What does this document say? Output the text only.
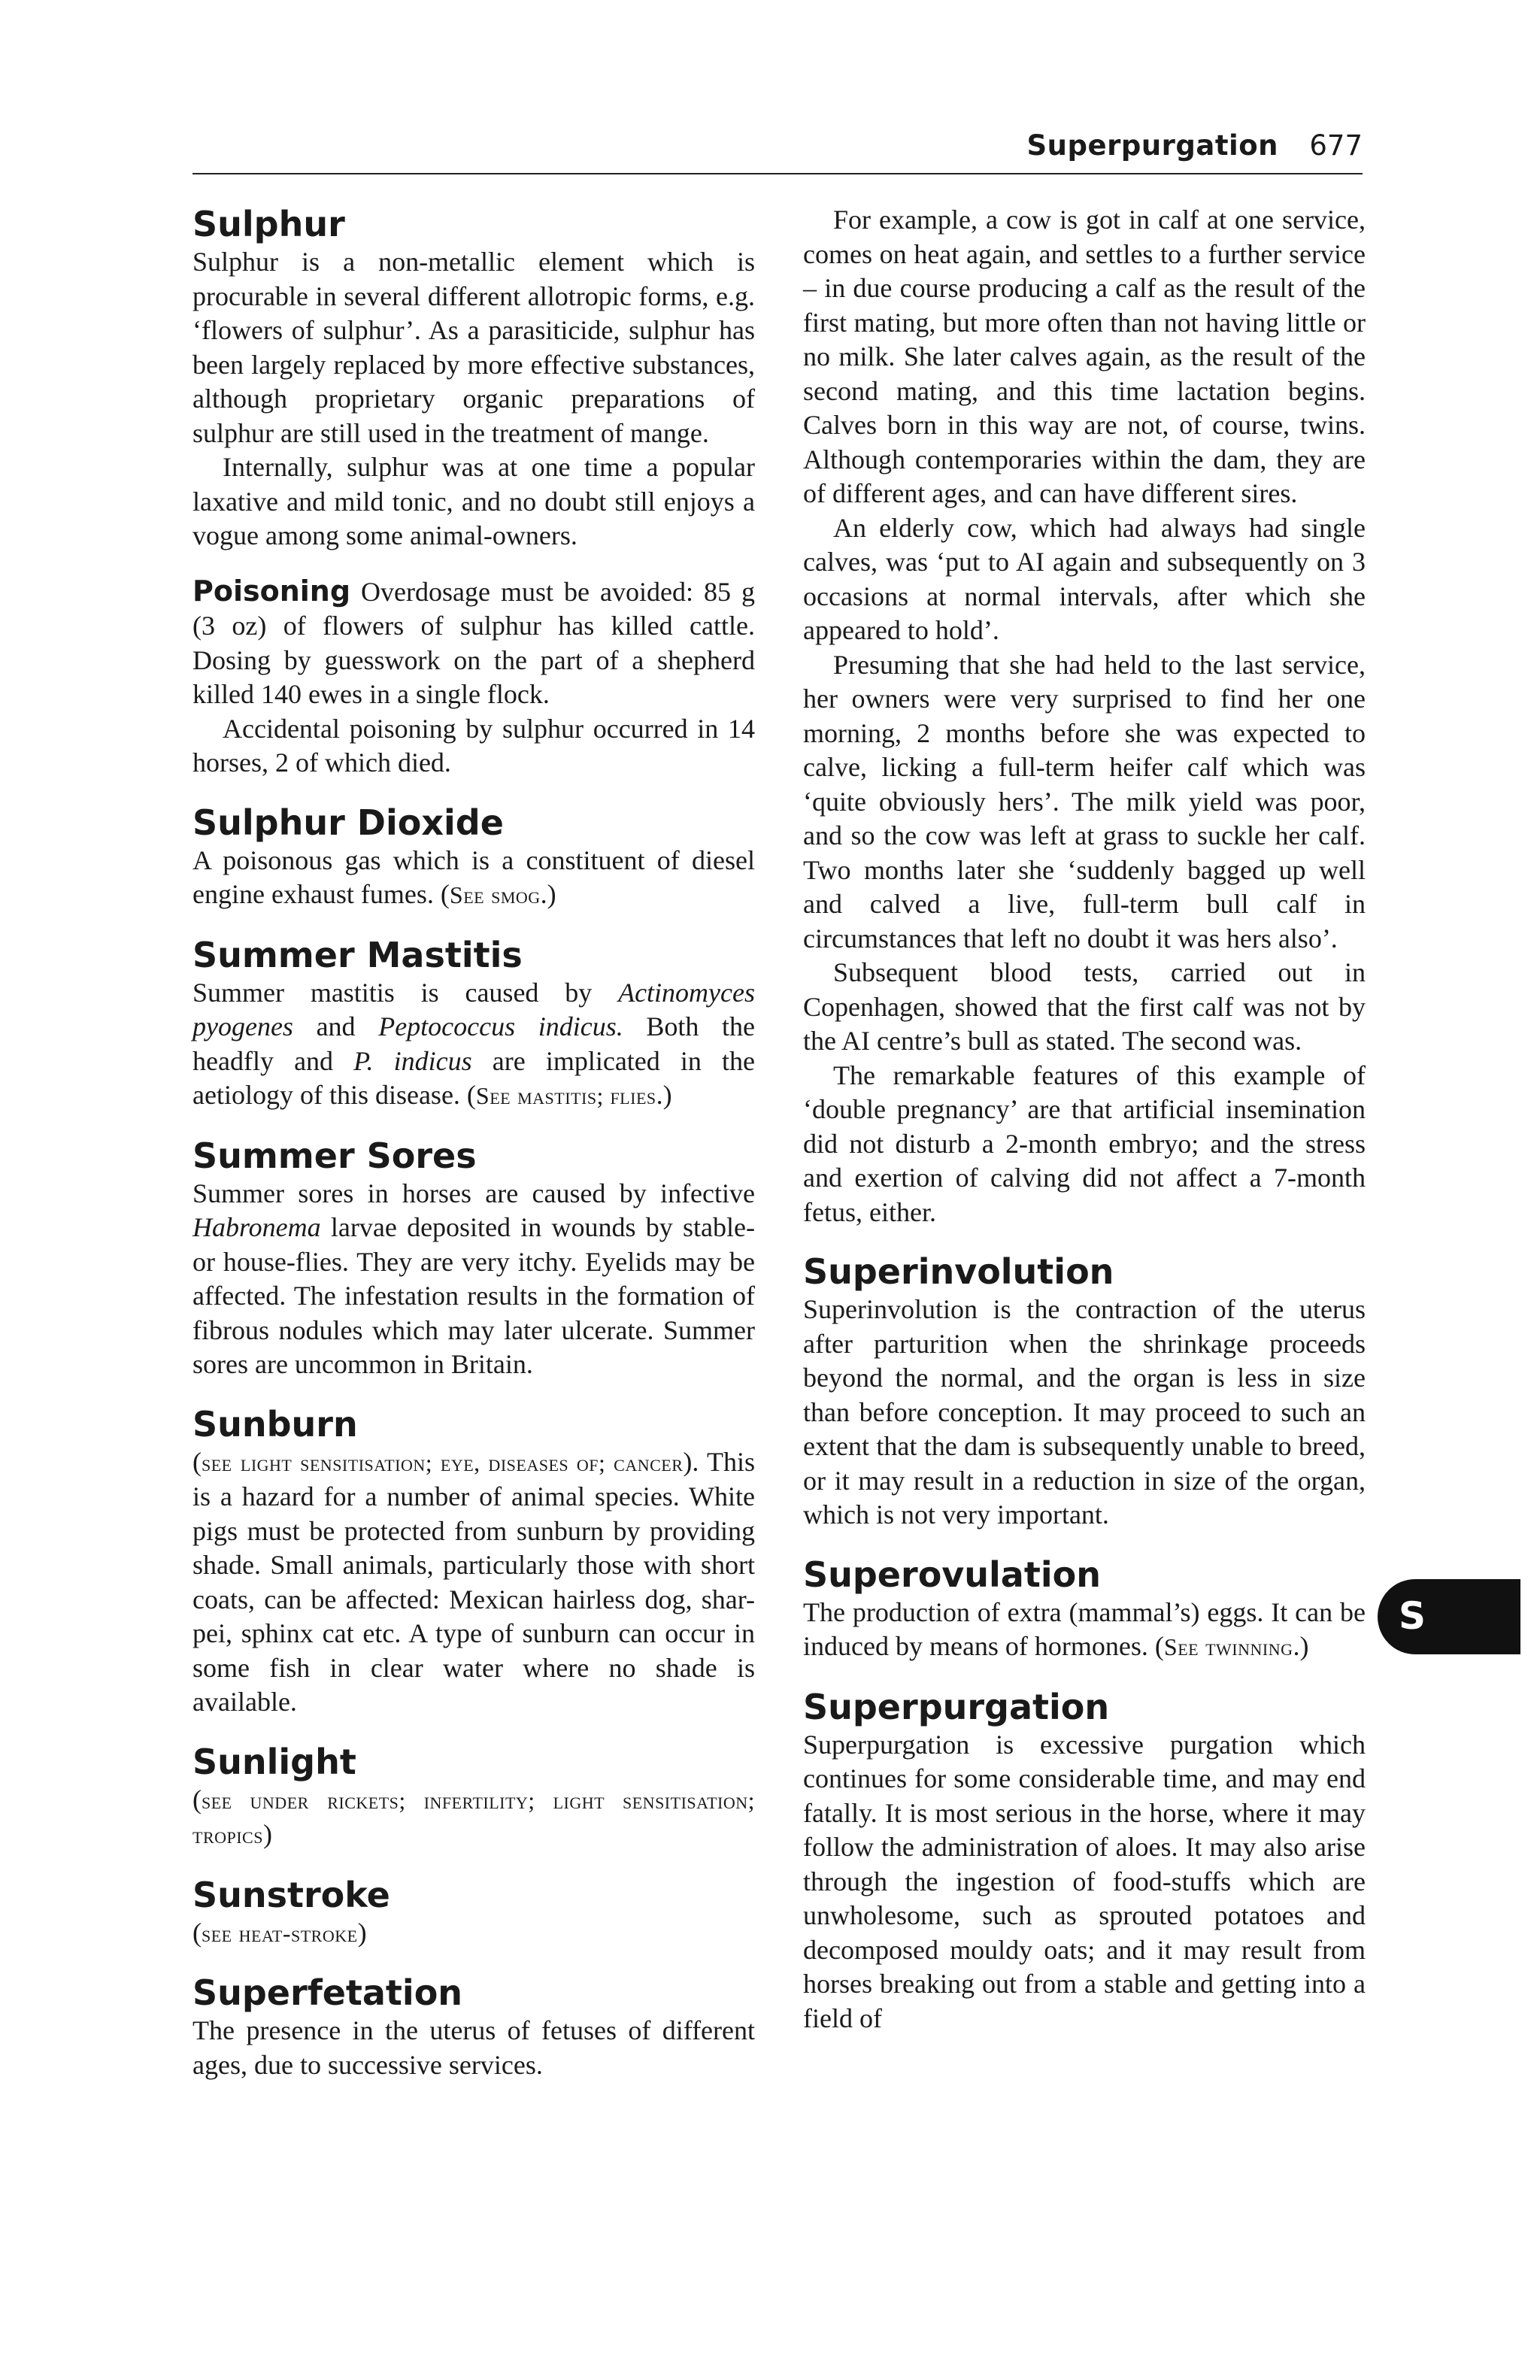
Superpurgation 677
Sulphur

Sulphur is a non-metallic element which is procurable in several different allotropic forms, e.g. ‘flowers of sulphur’. As a parasiticide, sulphur has been largely replaced by more effective substances, although proprietary organic preparations of sulphur are still used in the treatment of mange.

Internally, sulphur was at one time a popular laxative and mild tonic, and no doubt still enjoys a vogue among some animal-owners.

Poisoning Overdosage must be avoided: 85 g (3 oz) of flowers of sulphur has killed cattle. Dosing by guesswork on the part of a shepherd killed 140 ewes in a single flock.

Accidental poisoning by sulphur occurred in 14 horses, 2 of which died.

Sulphur Dioxide

A poisonous gas which is a constituent of diesel engine exhaust fumes. (See smog.)

Summer Mastitis

Summer mastitis is caused by Actinomyces pyogenes and Peptococcus indicus. Both the headfly and P. indicus are implicated in the aetiology of this disease. (See mastitis; flies.)

Summer Sores

Summer sores in horses are caused by infective Habronema larvae deposited in wounds by stable- or house-flies. They are very itchy. Eyelids may be affected. The infestation results in the formation of fibrous nodules which may later ulcerate. Summer sores are uncommon in Britain.

Sunburn

(see light sensitisation; eye, diseases of; cancer). This is a hazard for a number of animal species. White pigs must be protected from sunburn by providing shade. Small animals, particularly those with short coats, can be affected: Mexican hairless dog, shar-pei, sphinx cat etc. A type of sunburn can occur in some fish in clear water where no shade is available.

Sunlight

(see under rickets; infertility; light sensitisation; tropics)

Sunstroke

(see heat-stroke)

Superfetation

The presence in the uterus of fetuses of different ages, due to successive services.

For example, a cow is got in calf at one service, comes on heat again, and settles to a further service – in due course producing a calf as the result of the first mating, but more often than not having little or no milk. She later calves again, as the result of the second mating, and this time lactation begins. Calves born in this way are not, of course, twins. Although contemporaries within the dam, they are of different ages, and can have different sires.

An elderly cow, which had always had single calves, was ‘put to AI again and subsequently on 3 occasions at normal intervals, after which she appeared to hold’.

Presuming that she had held to the last service, her owners were very surprised to find her one morning, 2 months before she was expected to calve, licking a full-term heifer calf which was ‘quite obviously hers’. The milk yield was poor, and so the cow was left at grass to suckle her calf. Two months later she ‘suddenly bagged up well and calved a live, full-term bull calf in circumstances that left no doubt it was hers also’.

Subsequent blood tests, carried out in Copenhagen, showed that the first calf was not by the AI centre’s bull as stated. The second was.

The remarkable features of this example of ‘double pregnancy’ are that artificial insemination did not disturb a 2-month embryo; and the stress and exertion of calving did not affect a 7-month fetus, either.

Superinvolution

Superinvolution is the contraction of the uterus after parturition when the shrinkage proceeds beyond the normal, and the organ is less in size than before conception. It may proceed to such an extent that the dam is subsequently unable to breed, or it may result in a reduction in size of the organ, which is not very important.

Superovulation

The production of extra (mammal’s) eggs. It can be induced by means of hormones. (See twinning.)

Superpurgation

Superpurgation is excessive purgation which continues for some considerable time, and may end fatally. It is most serious in the horse, where it may follow the administration of aloes. It may also arise through the ingestion of food-stuffs which are unwholesome, such as sprouted potatoes and decomposed mouldy oats; and it may result from horses breaking out from a stable and getting into a field of

S
